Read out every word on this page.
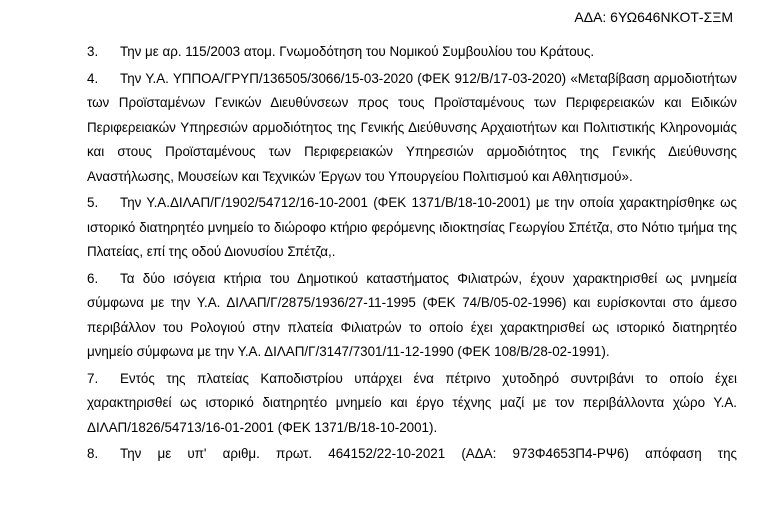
ΑΔΑ: 6ΥΩ646ΝΚΟΤ-ΣΞΜ
3. Την με αρ. 115/2003 ατομ. Γνωμοδότηση του Νομικού Συμβουλίου του Κράτους.
4. Την Υ.Α. ΥΠΠΟΑ/ΓΡΥΠ/136505/3066/15-03-2020 (ΦΕΚ 912/Β/17-03-2020) «Μεταβίβαση αρμοδιοτήτων των Προϊσταμένων Γενικών Διευθύνσεων προς τους Προϊσταμένους των Περιφερειακών και Ειδικών Περιφερειακών Υπηρεσιών αρμοδιότητος της Γενικής Διεύθυνσης Αρχαιοτήτων και Πολιτιστικής Κληρονομιάς και στους Προϊσταμένους των Περιφερειακών Υπηρεσιών αρμοδιότητος της Γενικής Διεύθυνσης Αναστήλωσης, Μουσείων και Τεχνικών Έργων του Υπουργείου Πολιτισμού και Αθλητισμού».
5. Την Υ.Α.ΔΙΛΑΠ/Γ/1902/54712/16-10-2001 (ΦΕΚ 1371/Β/18-10-2001) με την οποία χαρακτηρίσθηκε ως ιστορικό διατηρητέο μνημείο το διώροφο κτήριο φερόμενης ιδιοκτησίας Γεωργίου Σπέτζα, στο Νότιο τμήμα της Πλατείας, επί της οδού Διονυσίου Σπέτζα,.
6. Τα δύο ισόγεια κτήρια του Δημοτικού καταστήματος Φιλιατρών, έχουν χαρακτηρισθεί ως μνημεία σύμφωνα με την Υ.Α. ΔΙΛΑΠ/Γ/2875/1936/27-11-1995 (ΦΕΚ 74/Β/05-02-1996) και ευρίσκονται στο άμεσο περιβάλλον του Ρολογιού στην πλατεία Φιλιατρών το οποίο έχει χαρακτηρισθεί ως ιστορικό διατηρητέο μνημείο σύμφωνα με την Υ.Α. ΔΙΛΑΠ/Γ/3147/7301/11-12-1990 (ΦΕΚ 108/Β/28-02-1991).
7. Εντός της πλατείας Καποδιστρίου υπάρχει ένα πέτρινο χυτοδηρό συντριβάνι το οποίο έχει χαρακτηρισθεί ως ιστορικό διατηρητέο μνημείο και έργο τέχνης μαζί με τον περιβάλλοντα χώρο Υ.Α. ΔΙΛΑΠ/1826/54713/16-01-2001 (ΦΕΚ 1371/Β/18-10-2001).
8. Την με υπ' αριθμ. πρωτ. 464152/22-10-2021 (ΑΔΑ: 973Φ4653Π4-ΡΨ6) απόφαση της
